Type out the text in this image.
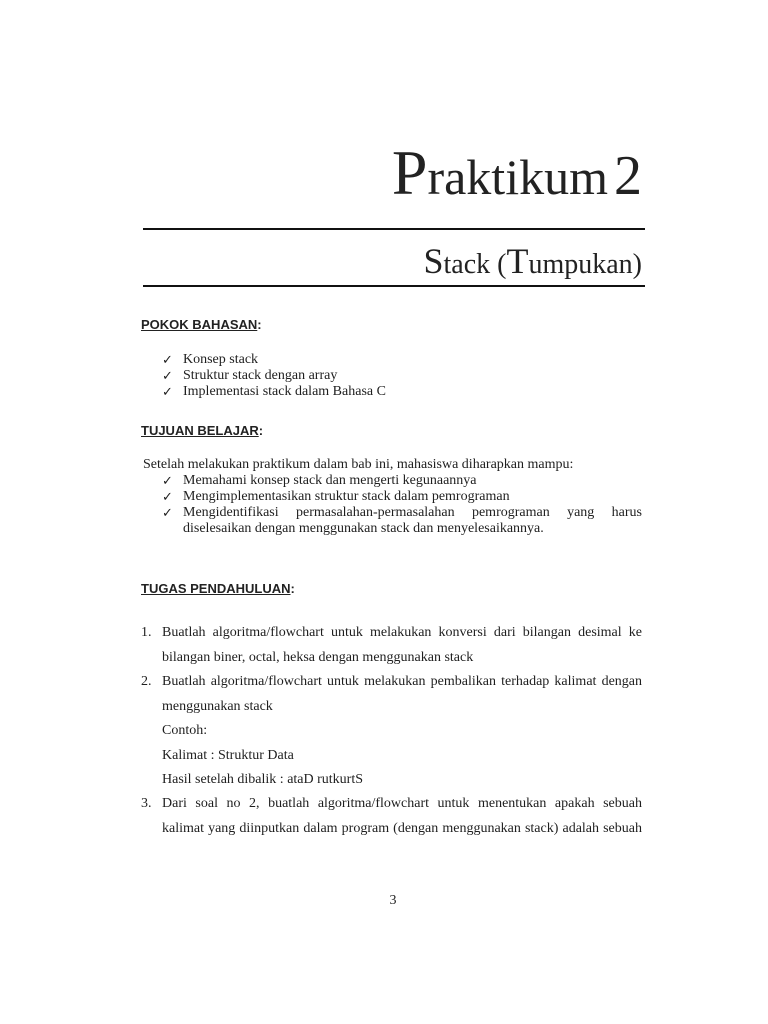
Praktikum 2
Stack (Tumpukan)
POKOK BAHASAN:
✓ Konsep stack
✓ Struktur stack dengan array
✓ Implementasi stack dalam Bahasa C
TUJUAN BELAJAR:
Setelah melakukan praktikum dalam bab ini, mahasiswa diharapkan mampu:
✓ Memahami konsep stack dan mengerti kegunaannya
✓ Mengimplementasikan struktur stack dalam pemrograman
✓ Mengidentifikasi permasalahan-permasalahan pemrograman yang harus
diselesaikan dengan menggunakan stack dan menyelesaikannya.
TUGAS PENDAHULUAN:
1. Buatlah algoritma/flowchart untuk melakukan konversi dari bilangan desimal ke
bilangan biner, octal, heksa dengan menggunakan stack
2. Buatlah algoritma/flowchart untuk melakukan pembalikan terhadap kalimat dengan
menggunakan stack
Contoh:
Kalimat : Struktur Data
Hasil setelah dibalik : ataD rutkurtS
3. Dari soal no 2, buatlah algoritma/flowchart untuk menentukan apakah sebuah
kalimat yang diinputkan dalam program (dengan menggunakan stack) adalah sebuah
3
